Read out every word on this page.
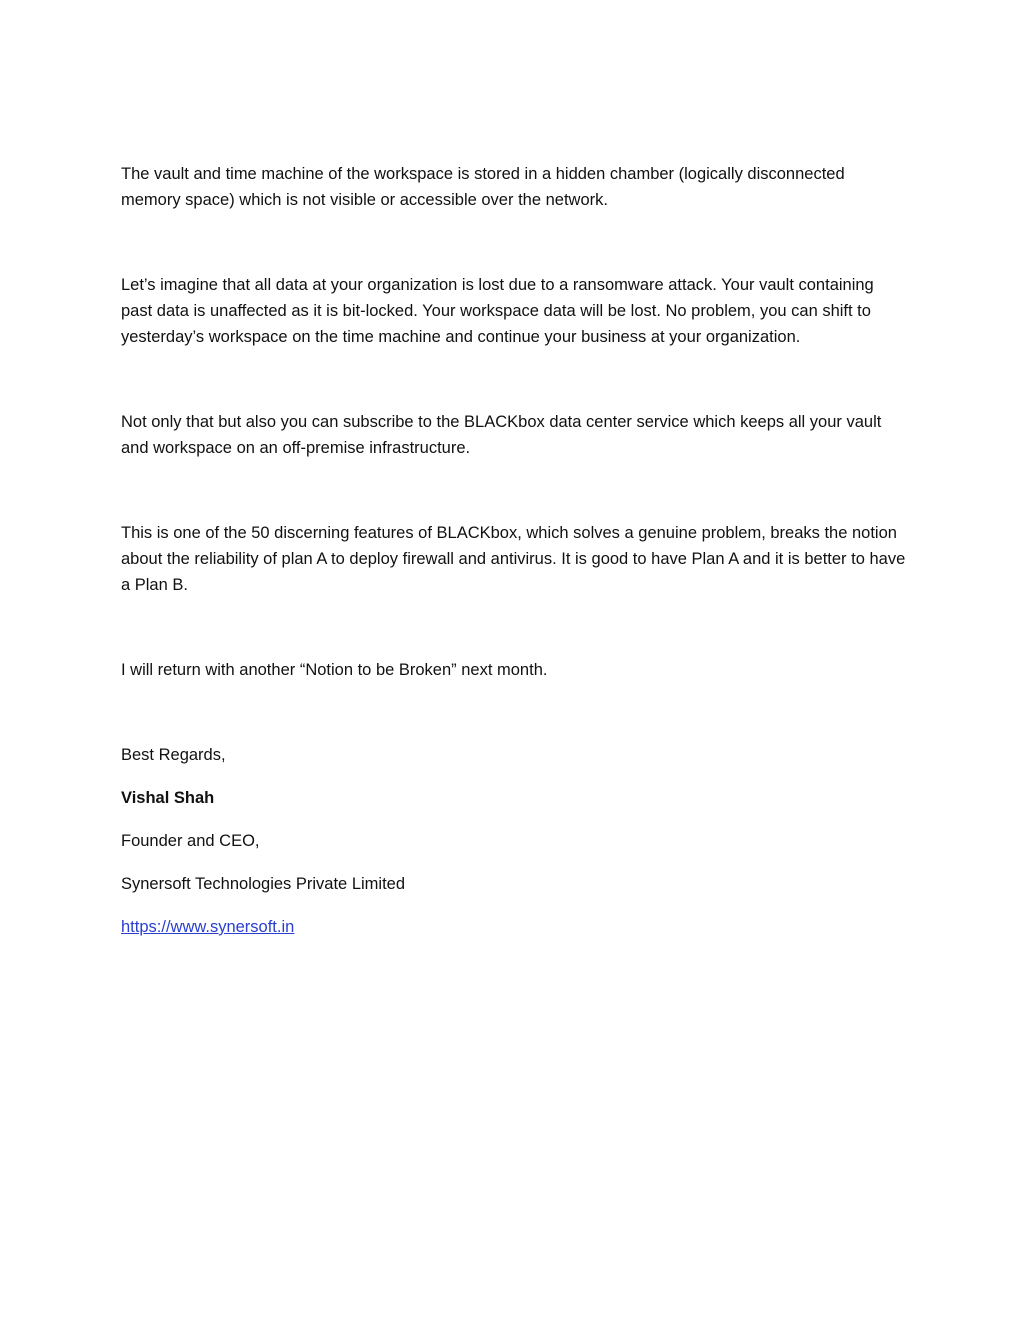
The vault and time machine of the workspace is stored in a hidden chamber (logically disconnected memory space) which is not visible or accessible over the network.

Let’s imagine that all data at your organization is lost due to a ransomware attack. Your vault containing past data is unaffected as it is bit-locked. Your workspace data will be lost. No problem, you can shift to yesterday’s workspace on the time machine and continue your business at your organization.

Not only that but also you can subscribe to the BLACKbox data center service which keeps all your vault and workspace on an off-premise infrastructure.

This is one of the 50 discerning features of BLACKbox, which solves a genuine problem, breaks the notion about the reliability of plan A to deploy firewall and antivirus. It is good to have Plan A and it is better to have a Plan B.

I will return with another “Notion to be Broken” next month.

Best Regards,

Vishal Shah

Founder and CEO,

Synersoft Technologies Private Limited

https://www.synersoft.in
